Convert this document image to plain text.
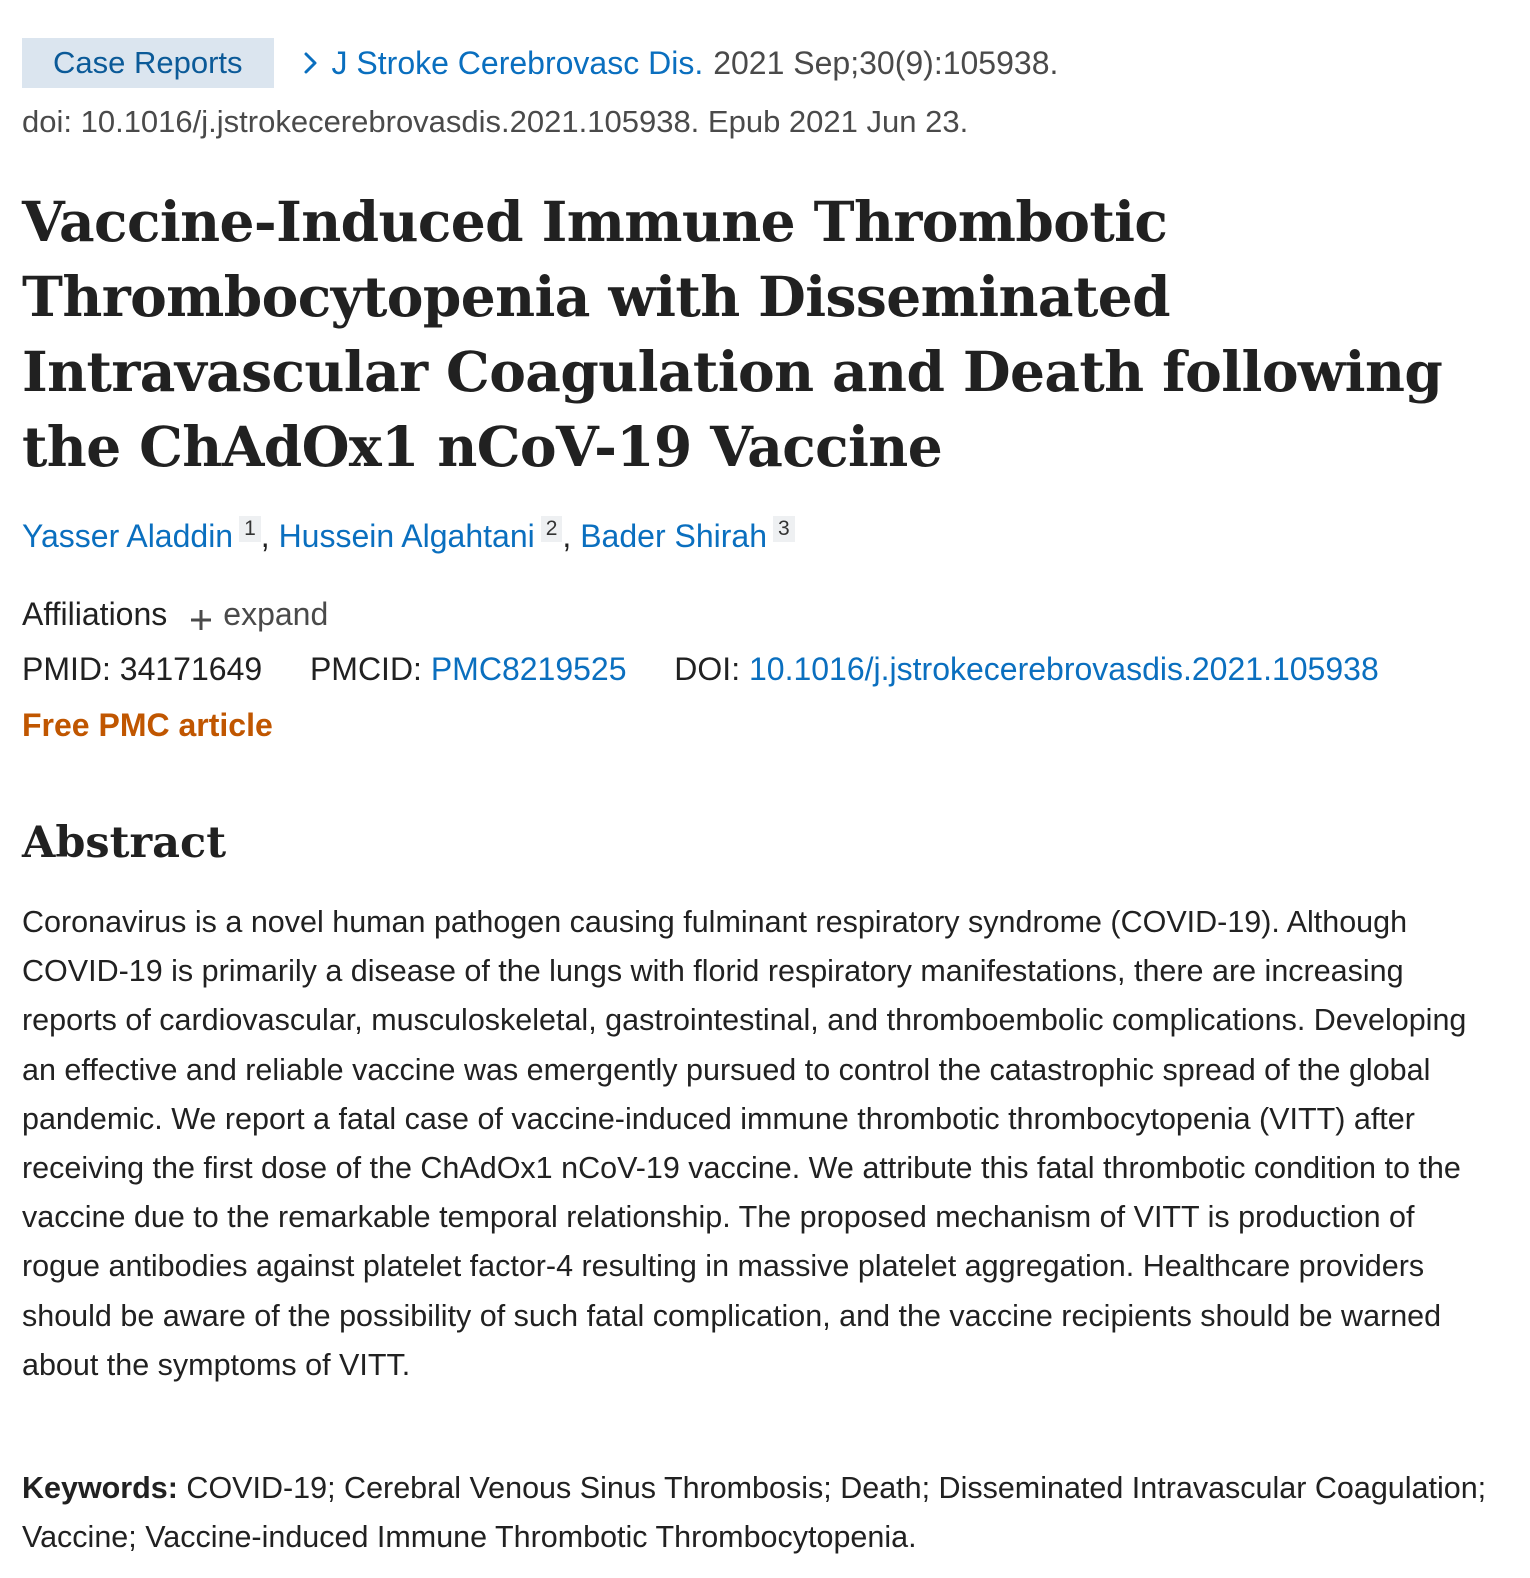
Case Reports	J Stroke Cerebrovasc Dis. 2021 Sep;30(9):105938.
doi: 10.1016/j.jstrokecerebrovasdis.2021.105938. Epub 2021 Jun 23.
Vaccine-Induced Immune Thrombotic Thrombocytopenia with Disseminated Intravascular Coagulation and Death following the ChAdOx1 nCoV-19 Vaccine
Yasser Aladdin 1 , Hussein Algahtani 2 , Bader Shirah 3
Affiliations expand
PMID: 34171649 PMCID: PMC8219525 DOI: 10.1016/j.jstrokecerebrovasdis.2021.105938
Free PMC article
Abstract

Coronavirus is a novel human pathogen causing fulminant respiratory syndrome (COVID-19). Although COVID-19 is primarily a disease of the lungs with florid respiratory manifestations, there are increasing reports of cardiovascular, musculoskeletal, gastrointestinal, and thromboembolic complications. Developing an effective and reliable vaccine was emergently pursued to control the catastrophic spread of the global pandemic. We report a fatal case of vaccine-induced immune thrombotic thrombocytopenia (VITT) after receiving the first dose of the ChAdOx1 nCoV-19 vaccine. We attribute this fatal thrombotic condition to the vaccine due to the remarkable temporal relationship. The proposed mechanism of VITT is production of rogue antibodies against platelet factor-4 resulting in massive platelet aggregation. Healthcare providers should be aware of the possibility of such fatal complication, and the vaccine recipients should be warned about the symptoms of VITT.

Keywords: COVID-19; Cerebral Venous Sinus Thrombosis; Death; Disseminated Intravascular Coagulation; Vaccine; Vaccine-induced Immune Thrombotic Thrombocytopenia.
